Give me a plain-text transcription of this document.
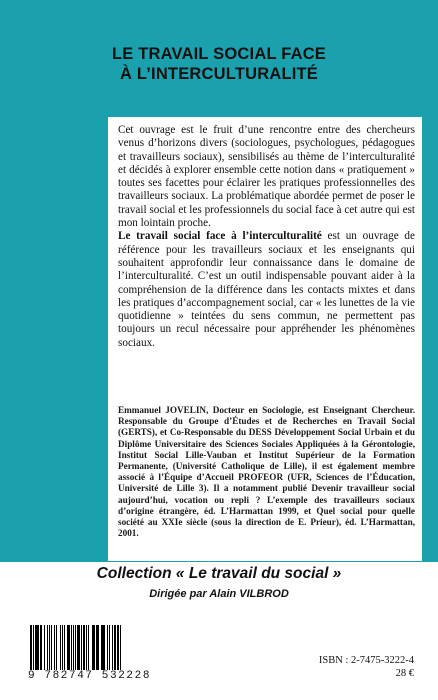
LE TRAVAIL SOCIAL FACE
À L’INTERCULTURALITÉ

Cet ouvrage est le fruit d’une rencontre entre des chercheurs venus d’horizons divers (sociologues, psychologues, pédagogues et travailleurs sociaux), sensibilisés au thème de l’interculturalité et décidés à explorer ensemble cette notion dans « pratiquement » toutes ses facettes pour éclairer les pratiques professionnelles des travailleurs sociaux. La problématique abordée permet de poser le travail social et les professionnels du social face à cet autre qui est mon lointain proche.

Le travail social face à l’interculturalité est un ouvrage de référence pour les travailleurs sociaux et les enseignants qui souhaitent approfondir leur connaissance dans le domaine de l’interculturalité. C’est un outil indispensable pouvant aider à la compréhension de la différence dans les contacts mixtes et dans les pratiques d’accompagnement social, car « les lunettes de la vie quotidienne » teintées du sens commun, ne permettent pas toujours un recul nécessaire pour appréhender les phénomènes sociaux.

Emmanuel JOVELIN, Docteur en Sociologie, est Enseignant Chercheur. Responsable du Groupe d’Études et de Recherches en Travail Social (GERTS), et Co-Responsable du DESS Développement Social Urbain et du Diplôme Universitaire des Sciences Sociales Appliquées à la Gérontologie, Institut Social Lille-Vauban et Institut Supérieur de la Formation Permanente, (Université Catholique de Lille), il est également membre associé à l’Équipe d’Accueil PROFEOR (UFR, Sciences de l’Éducation, Université de Lille 3). Il a notamment publié Devenir travailleur social aujourd’hui, vocation ou repli ? L’exemple des travailleurs sociaux d’origine étrangère, éd. L’Harmattan 1999, et Quel social pour quelle société au XXIe siècle (sous la direction de E. Prieur), éd. L’Harmattan, 2001.
Collection « Le travail du social »
Dirigée par Alain VILBROD
9 782747 532228
ISBN : 2-7475-3222-4
28 €
